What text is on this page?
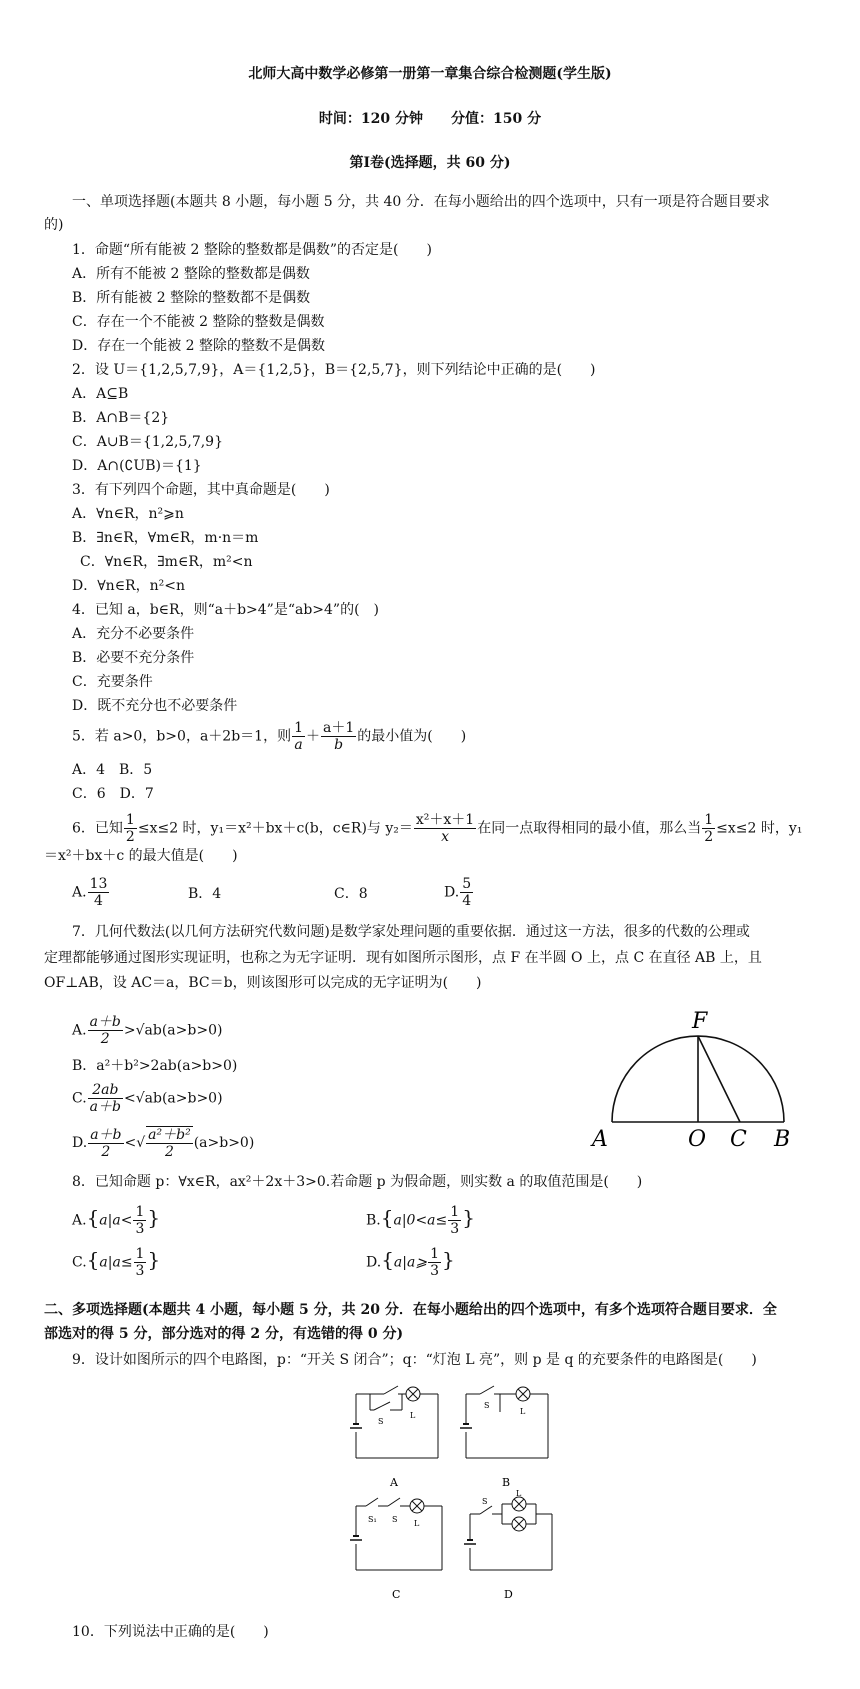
北师大高中数学必修第一册第一章集合综合检测题(学生版)
时间：120 分钟　　分值：150 分
第Ⅰ卷(选择题，共 60 分)
一、单项选择题(本题共 8 小题，每小题 5 分，共 40 分．在每小题给出的四个选项中，只有一项是符合题目要求
的)
1．命题“所有能被 2 整除的整数都是偶数”的否定是(　　)
A．所有不能被 2 整除的整数都是偶数
B．所有能被 2 整除的整数都不是偶数
C．存在一个不能被 2 整除的整数是偶数
D．存在一个能被 2 整除的整数不是偶数
2．设 U＝{1,2,5,7,9}，A＝{1,2,5}，B＝{2,5,7}，则下列结论中正确的是(　　)
A．A⊆B
B．A∩B＝{2}
C．A∪B＝{1,2,5,7,9}
D．A∩(∁UB)＝{1}
3．有下列四个命题，其中真命题是(　　)
A．∀n∈R，n²⩾n
B．∃n∈R，∀m∈R，m·n＝m
C．∀n∈R，∃m∈R，m²<n
D．∀n∈R，n²<n
4．已知 a，b∈R，则“a＋b>4”是“ab>4”的(　)
A．充分不必要条件
B．必要不充分条件
C．充要条件
D．既不充分也不必要条件
5．若 a>0，b>0，a＋2b＝1，则 $\frac{1}{a} + \frac{a+1}{b}$ 的最小值为(　　)
A．4　B．5
C．6　D．7
6．已知 $\frac{1}{2} \le x\le 2$ 时，y₁＝x²＋bx＋c(b，c∈R)与 $y_2= \frac{\text{x²＋x＋1}}{x}$ 在同一点取得相同的最小值，那么当 $\frac{1}{2} \le x\le 2$ 时，y₁
＝x²＋bx＋c 的最大值是(　　)
A. $\frac{13}{4}$	B．4	C．8	D. $\frac{5}{4}$
7．几何代数法(以几何方法研究代数问题)是数学家处理问题的重要依据．通过这一方法，很多的代数的公理或
定理都能够通过图形实现证明，也称之为无字证明．现有如图所示图形，点 F 在半圆 O 上，点 C 在直径 AB 上，且
OF⊥AB，设 AC＝a，BC＝b，则该图形可以完成的无字证明为(　　)
F
A	O C B
A. $\frac{a+b}{2} >√ab(a>b>0)$
B．a²＋b²>2ab(a>b>0)
C. $\frac{2ab}{a+b} <√ab(a>b>0)$
D. $\frac{a+b}{2}$ <√ $\frac{\text{a²＋b²}}{2} (a>b>0)$
8．已知命题 p：∀x∈R，ax²＋2x＋3>0.若命题 p 为假命题，则实数 a 的取值范围是(　　)
$A.\{a|a< \frac{1}{3}$ }	$B.\{a|0<a\le \frac{1}{3}$ }
$C.\{a|a\le \frac{1}{3}$ }	D.{a|a⩾ $\frac{1}{3}$ }
二、多项选择题(本题共 4 小题，每小题 5 分，共 20 分．在每小题给出的四个选项中，有多个选项符合题目要求．全
部选对的得 5 分，部分选对的得 2 分，有选错的得 0 分)
9．设计如图所示的四个电路图，p：“开关 S 闭合”；q：“灯泡 L 亮”，则 p 是 q 的充要条件的电路图是(　　)
S
L
A
S
L
B
S₁ S L
C
S
L
D
10．下列说法中正确的是(　　)
